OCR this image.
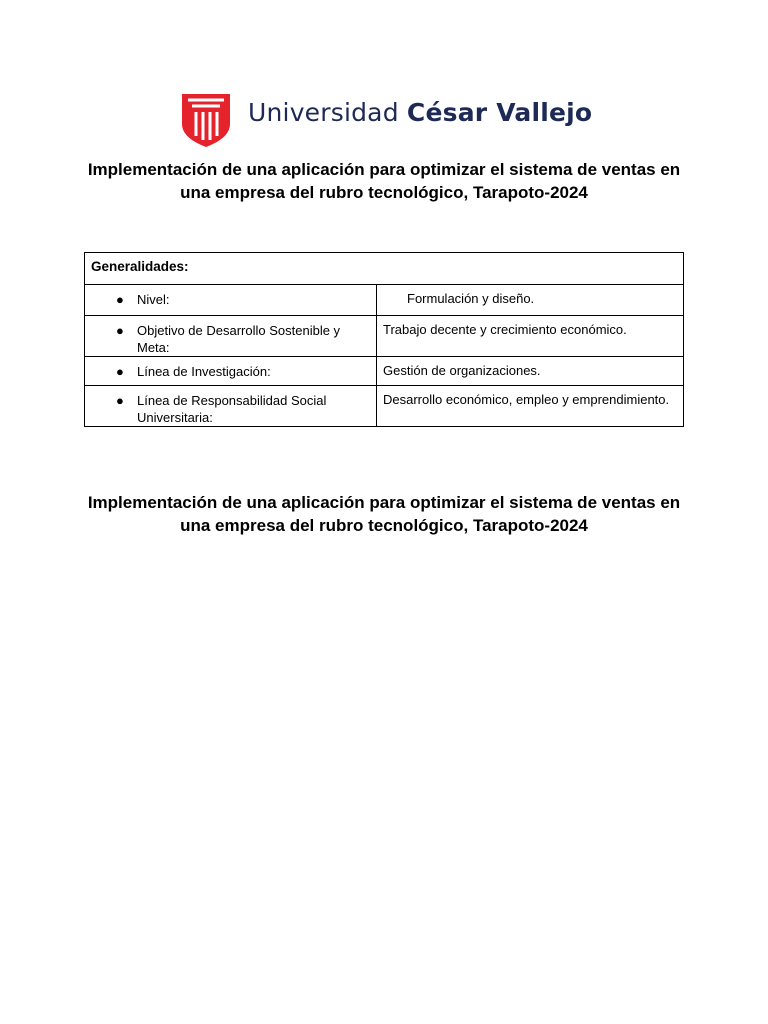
Universidad César Vallejo
Implementación de una aplicación para optimizar el sistema de ventas en una empresa del rubro tecnológico, Tarapoto-2024
Generalidades:	

● Nivel:	Formulación y diseño.

● Objetivo de Desarrollo Sostenible y Meta:	Trabajo decente y crecimiento económico.

● Línea de Investigación:	Gestión de organizaciones.

● Línea de Responsabilidad Social Universitaria:	Desarrollo económico, empleo y emprendimiento.
Implementación de una aplicación para optimizar el sistema de ventas en una empresa del rubro tecnológico, Tarapoto-2024
